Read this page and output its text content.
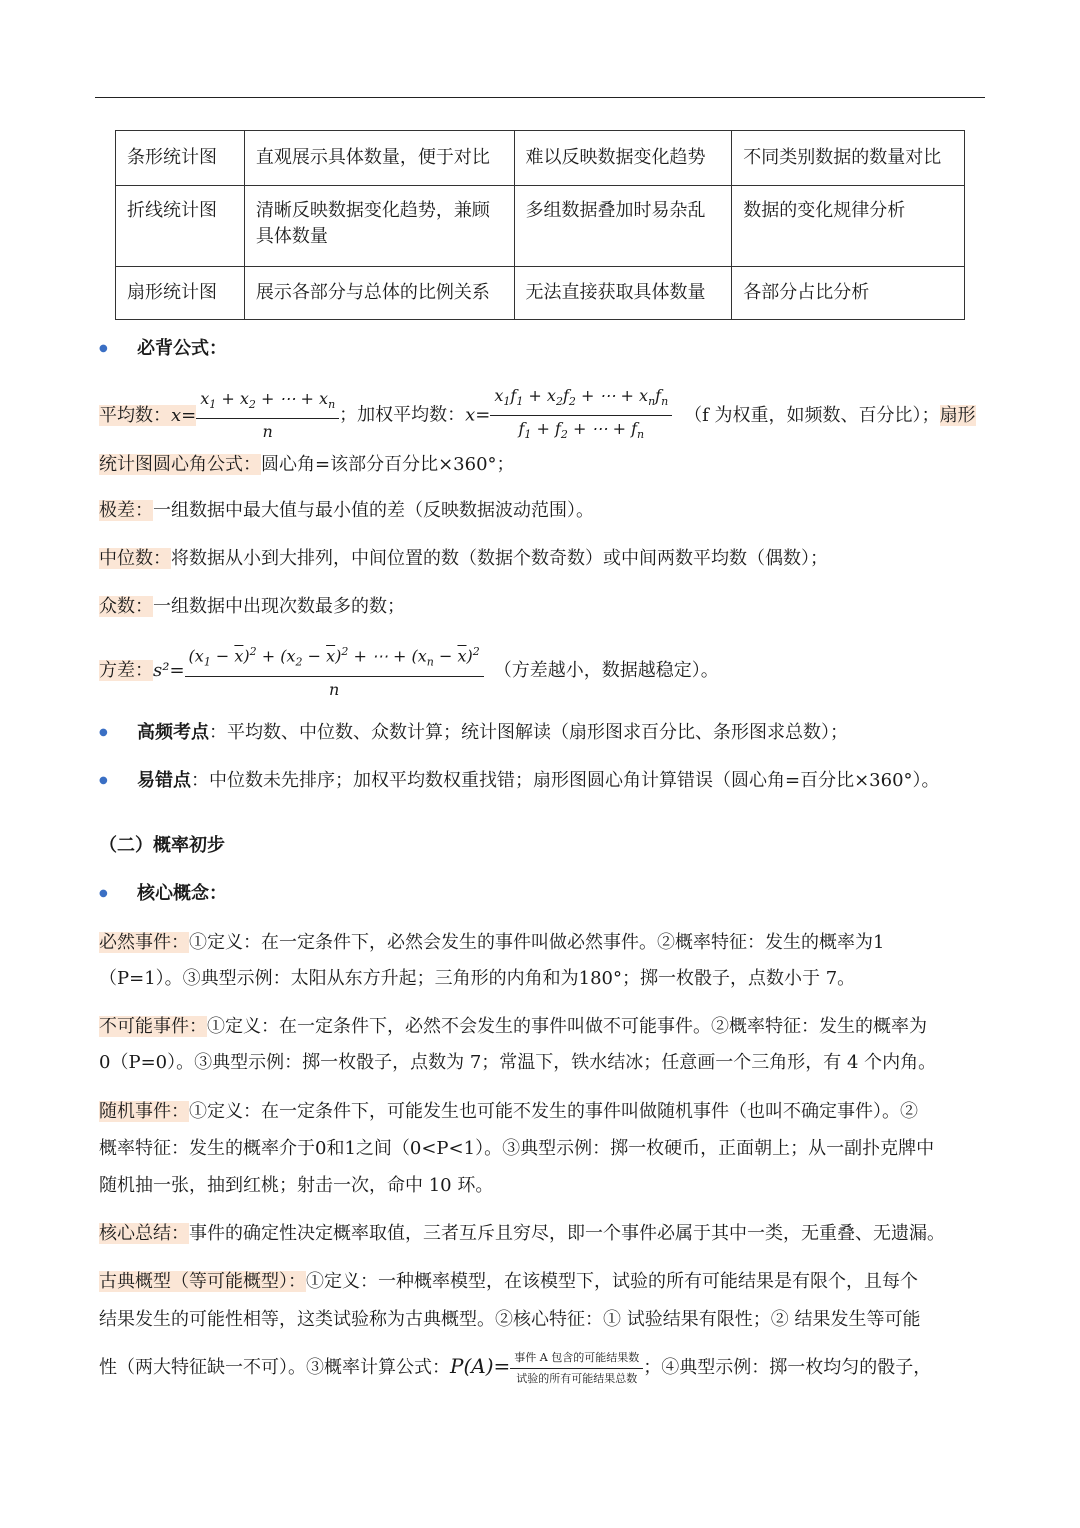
条形统计图	直观展示具体数量，便于对比	难以反映数据变化趋势	不同类别数据的数量对比
折线统计图	清晰反映数据变化趋势，兼顾具体数量	多组数据叠加时易杂乱	数据的变化规律分析
扇形统计图	展示各部分与总体的比例关系	无法直接获取具体数量	各部分占比分析
● 必背公式：
平均数：$x= \frac{x_1 + x_2 + \cdots + x_n}{n}$ ；加权平均数：$x= \frac{x_1f_1 + x_2f_2 + \cdots + x_nf_n}{f_1 + f_2 + \cdots + f_n} (f$ 为权重，如频数、百分比）；扇形
统计图圆心角公式：圆心角=该部分百分比×360°；
极差：一组数据中最大值与最小值的差（反映数据波动范围）。
中位数：将数据从小到大排列，中间位置的数（数据个数奇数）或中间两数平均数（偶数）；
众数：一组数据中出现次数最多的数；
方差：$s^2= \frac{(x_1 - \overline{x})^2 + (x_2 - \overline{x})^2 + \cdots + (x_n - \overline{x})^2}{n}$ （方差越小，数据越稳定）。
● 高频考点：平均数、中位数、众数计算；统计图解读（扇形图求百分比、条形图求总数）；
● 易错点：中位数未先排序；加权平均数权重找错；扇形图圆心角计算错误（圆心角=百分比×360°）。
（二）概率初步
● 核心概念：
必然事件：①定义：在一定条件下，必然会发生的事件叫做必然事件。②概率特征：发生的概率为1
（P=1）。③典型示例：太阳从东方升起；三角形的内角和为180°；掷一枚骰子，点数小于 7。
不可能事件：①定义：在一定条件下，必然不会发生的事件叫做不可能事件。②概率特征：发生的概率为
0（P=0）。③典型示例：掷一枚骰子，点数为 7；常温下，铁水结冰；任意画一个三角形，有 4 个内角。
随机事件：①定义：在一定条件下，可能发生也可能不发生的事件叫做随机事件（也叫不确定事件）。②
概率特征：发生的概率介于0和1之间（0<P<1）。③典型示例：掷一枚硬币，正面朝上；从一副扑克牌中
随机抽一张，抽到红桃；射击一次，命中 10 环。
核心总结：事件的确定性决定概率取值，三者互斥且穷尽，即一个事件必属于其中一类，无重叠、无遗漏。
古典概型（等可能概型）：①定义：一种概率模型，在该模型下，试验的所有可能结果是有限个，且每个
结果发生的可能性相等，这类试验称为古典概型。②核心特征：① 试验结果有限性；② 结果发生等可能
性（两大特征缺一不可）。③概率计算公式：$P(A)= \frac{\text{事件 A 包含的可能结果数}}{\text{试验的所有可能结果总数}}$ ；④典型示例：掷一枚均匀的骰子，
